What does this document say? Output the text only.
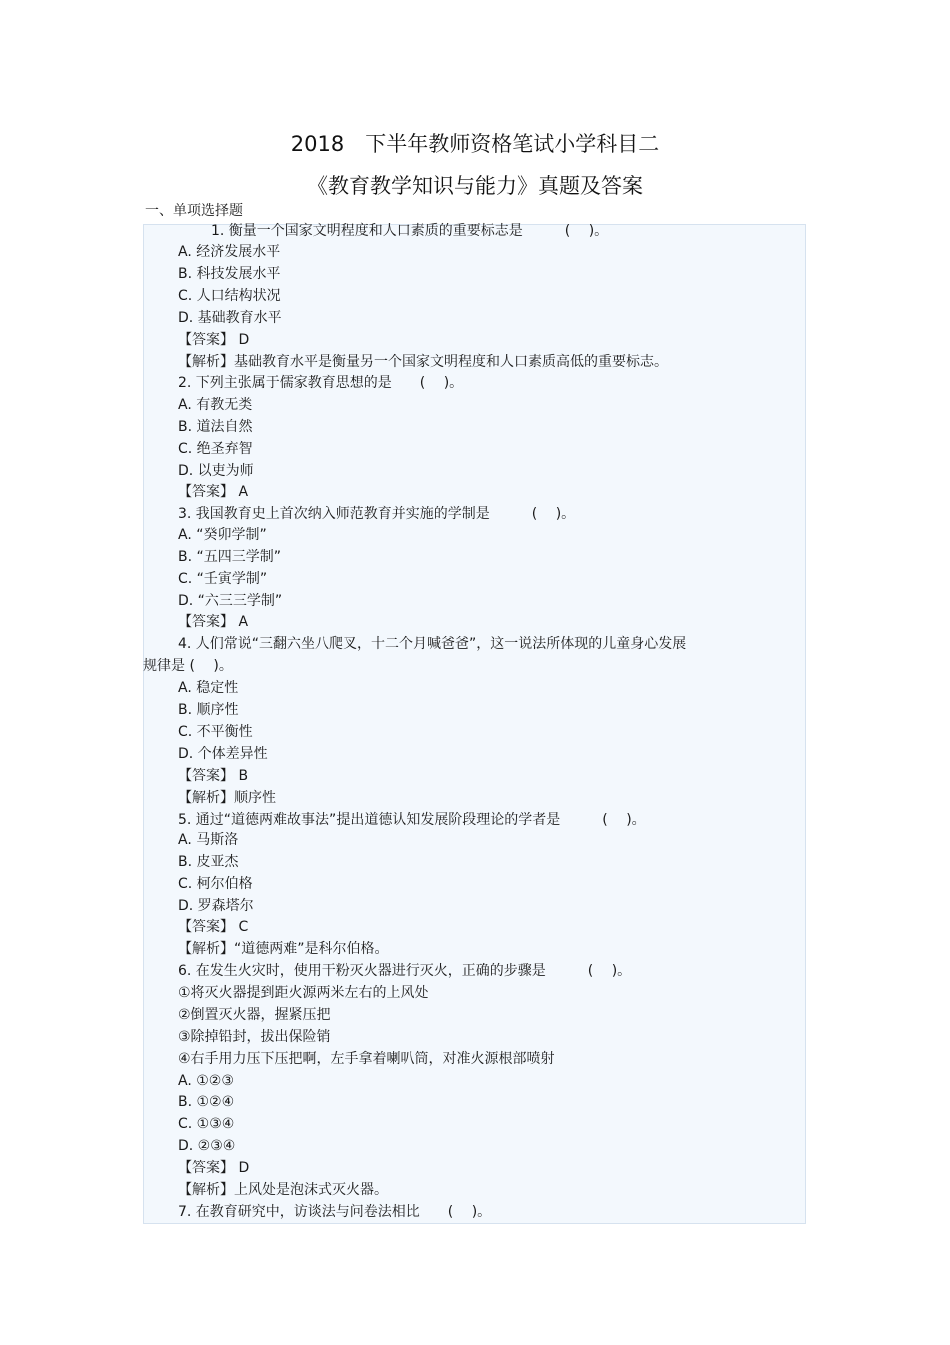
2018　下半年教师资格笔试小学科目二
《教育教学知识与能力》真题及答案
一、单项选择题
1. 衡量一个国家文明程度和人口素质的重要标志是　　　(　 )。
A. 经济发展水平
B. 科技发展水平
C. 人口结构状况
D. 基础教育水平
【答案】 D
【解析】基础教育水平是衡量另一个国家文明程度和人口素质高低的重要标志。
2. 下列主张属于儒家教育思想的是　　(　 )。
A. 有教无类
B. 道法自然
C. 绝圣弃智
D. 以吏为师
【答案】 A
3. 我国教育史上首次纳入师范教育并实施的学制是　　　(　 )。
A. “癸卯学制”
B. “五四三学制”
C. “壬寅学制”
D. “六三三学制”
【答案】 A
4. 人们常说“三翻六坐八爬叉，十二个月喊爸爸”，这一说法所体现的儿童身心发展
规律是 (　 )。
A. 稳定性
B. 顺序性
C. 不平衡性
D. 个体差异性
【答案】 B
【解析】顺序性
5. 通过“道德两难故事法”提出道德认知发展阶段理论的学者是　　　(　 )。
A. 马斯洛
B. 皮亚杰
C. 柯尔伯格
D. 罗森塔尔
【答案】 C
【解析】“道德两难”是科尔伯格。
6. 在发生火灾时，使用干粉灭火器进行灭火，正确的步骤是　　　(　 )。
①将灭火器提到距火源两米左右的上风处
②倒置灭火器，握紧压把
③除掉铅封，拔出保险销
④右手用力压下压把啊，左手拿着喇叭筒，对准火源根部喷射
A. ①②③
B. ①②④
C. ①③④
D. ②③④
【答案】 D
【解析】上风处是泡沫式灭火器。
7. 在教育研究中，访谈法与问卷法相比　　(　 )。
